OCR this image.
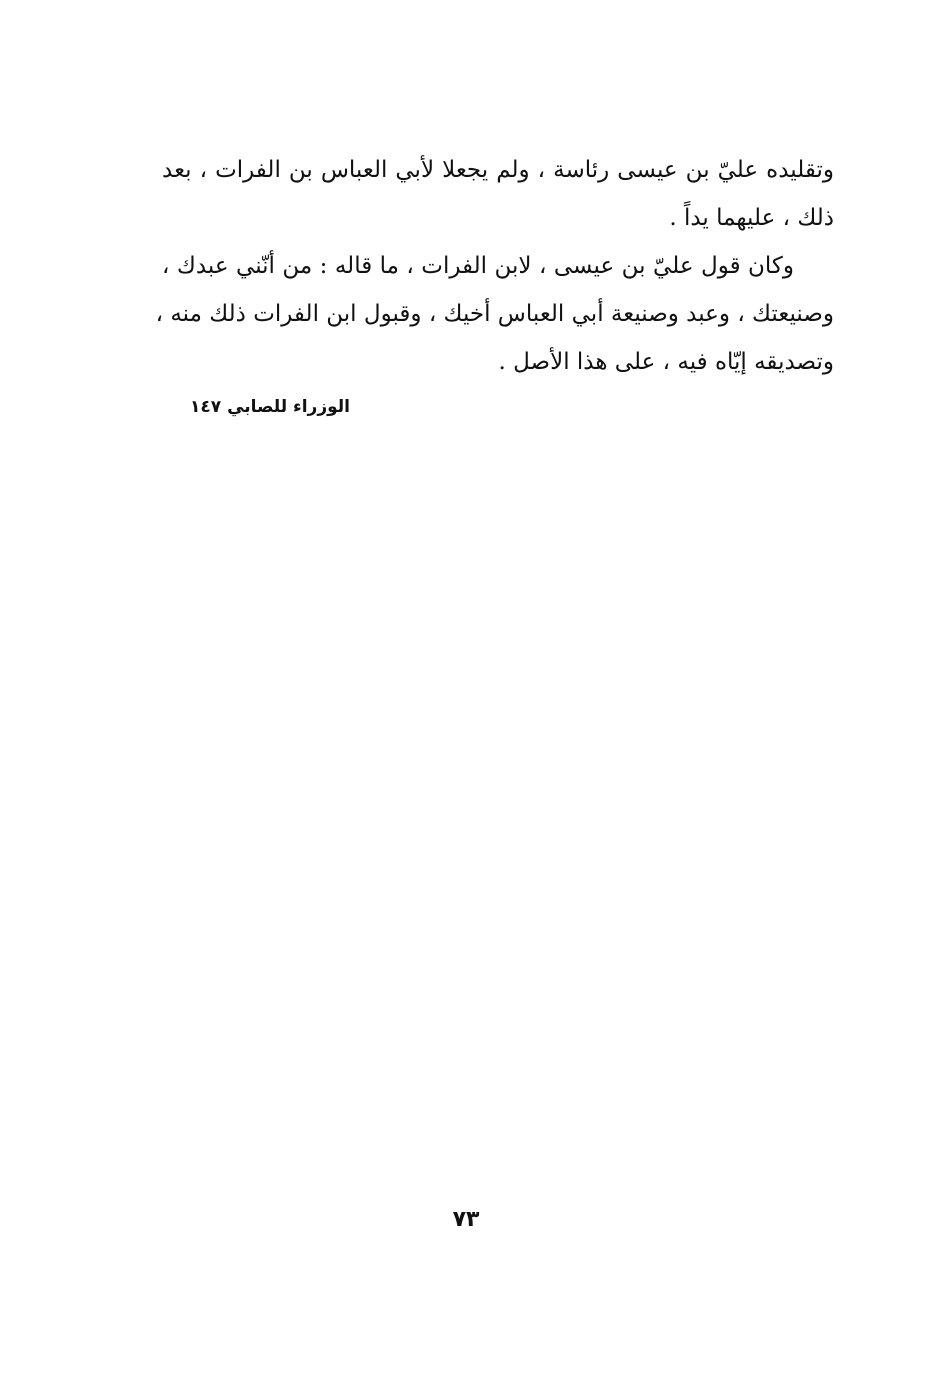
وتقليده عليّ بن عيسى رئاسة ، ولم يجعلا لأبي العباس بن الفرات ، بعد
ذلك ، عليهما يداً .
وكان قول عليّ بن عيسى ، لابن الفرات ، ما قاله : من أنّني عبدك ،
وصنيعتك ، وعبد وصنيعة أبي العباس أخيك ، وقبول ابن الفرات ذلك منه ،
وتصديقه إيّاه فيه ، على هذا الأصل .
الوزراء للصابي ١٤٧
٧٣
